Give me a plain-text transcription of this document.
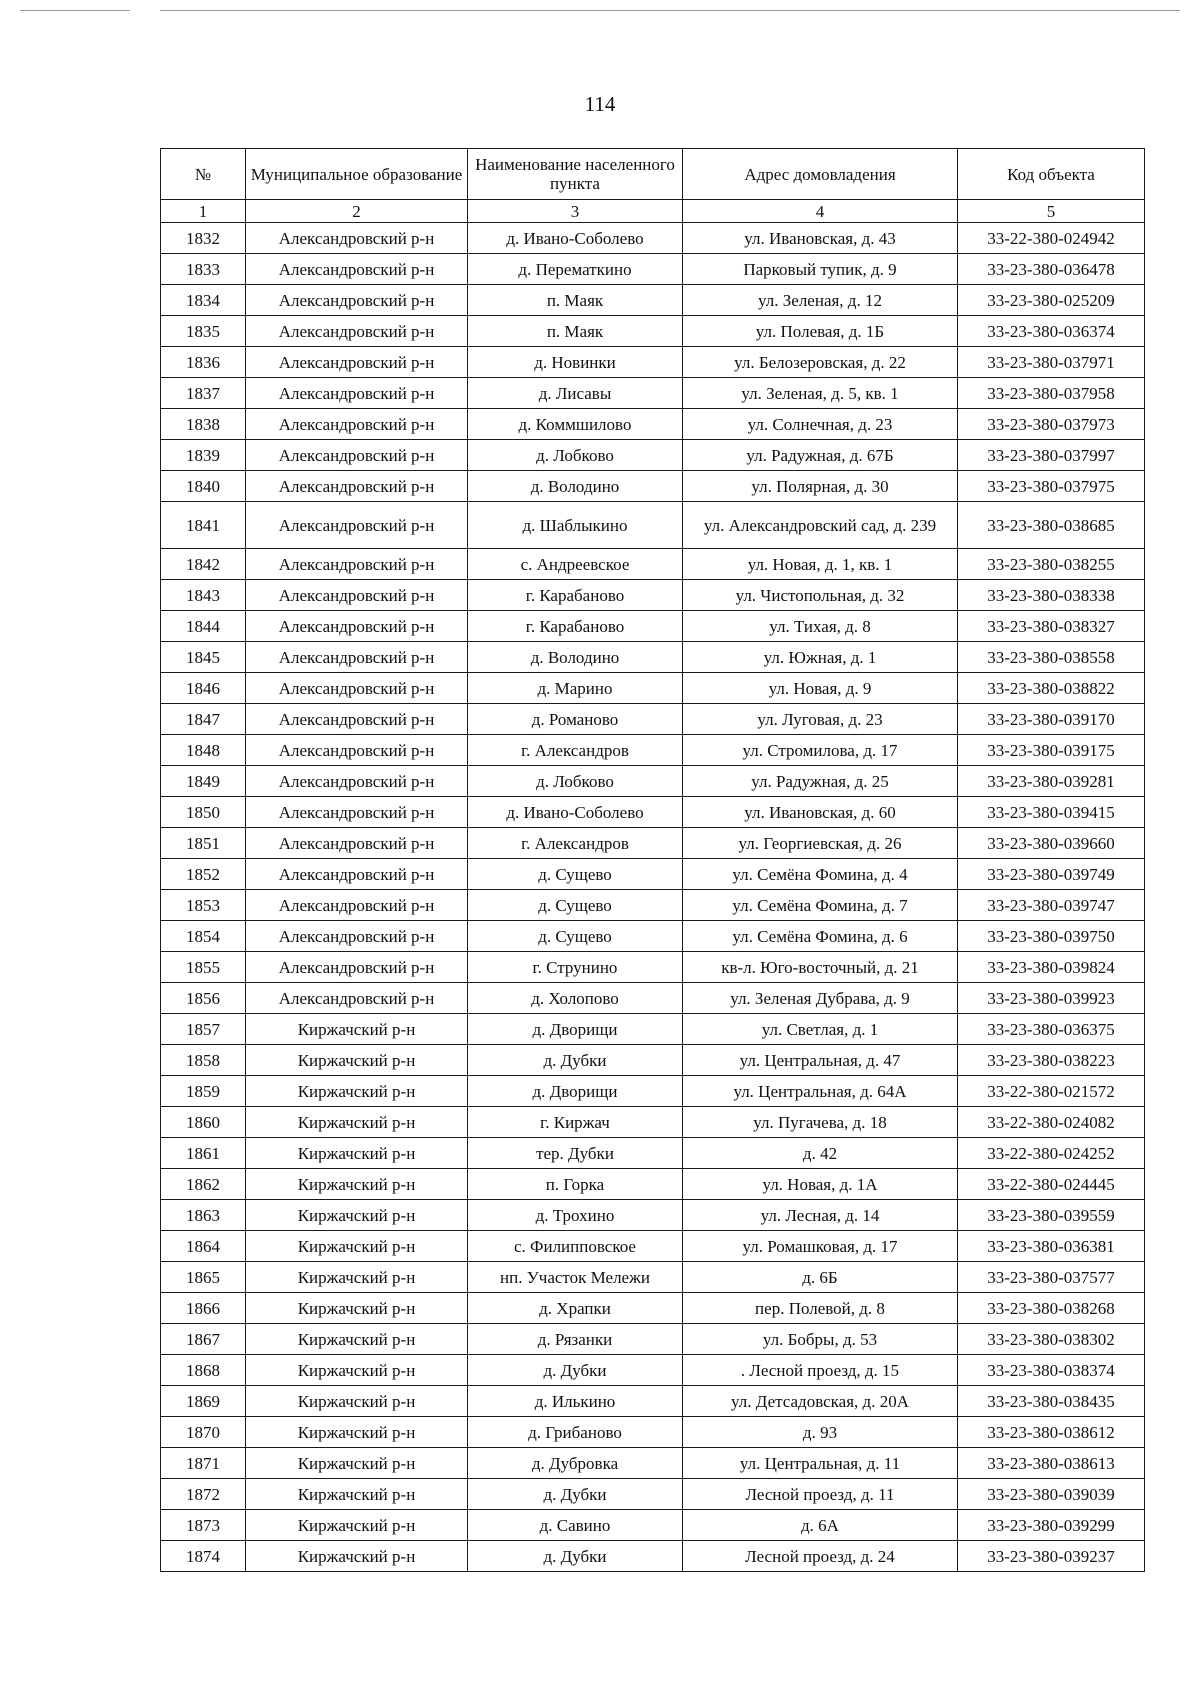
114
№	Муниципальное образование	Наименование населенного пункта	Адрес домовладения	Код объекта
1	2	3	4	5
1832	Александровский р-н	д. Ивано-Соболево	ул. Ивановская, д. 43	33-22-380-024942
1833	Александровский р-н	д. Перематкино	Парковый тупик, д. 9	33-23-380-036478
1834	Александровский р-н	п. Маяк	ул. Зеленая, д. 12	33-23-380-025209
1835	Александровский р-н	п. Маяк	ул. Полевая, д. 1Б	33-23-380-036374
1836	Александровский р-н	д. Новинки	ул. Белозеровская, д. 22	33-23-380-037971
1837	Александровский р-н	д. Лисавы	ул. Зеленая, д. 5, кв. 1	33-23-380-037958
1838	Александровский р-н	д. Коммшилово	ул. Солнечная, д. 23	33-23-380-037973
1839	Александровский р-н	д. Лобково	ул. Радужная, д. 67Б	33-23-380-037997
1840	Александровский р-н	д. Володино	ул. Полярная, д. 30	33-23-380-037975
1841	Александровский р-н	д. Шаблыкино	ул. Александровский сад, д. 239	33-23-380-038685
1842	Александровский р-н	с. Андреевское	ул. Новая, д. 1, кв. 1	33-23-380-038255
1843	Александровский р-н	г. Карабаново	ул. Чистопольная, д. 32	33-23-380-038338
1844	Александровский р-н	г. Карабаново	ул. Тихая, д. 8	33-23-380-038327
1845	Александровский р-н	д. Володино	ул. Южная, д. 1	33-23-380-038558
1846	Александровский р-н	д. Марино	ул. Новая, д. 9	33-23-380-038822
1847	Александровский р-н	д. Романово	ул. Луговая, д. 23	33-23-380-039170
1848	Александровский р-н	г. Александров	ул. Стромилова, д. 17	33-23-380-039175
1849	Александровский р-н	д. Лобково	ул. Радужная, д. 25	33-23-380-039281
1850	Александровский р-н	д. Ивано-Соболево	ул. Ивановская, д. 60	33-23-380-039415
1851	Александровский р-н	г. Александров	ул. Георгиевская, д. 26	33-23-380-039660
1852	Александровский р-н	д. Сущево	ул. Семёна Фомина, д. 4	33-23-380-039749
1853	Александровский р-н	д. Сущево	ул. Семёна Фомина, д. 7	33-23-380-039747
1854	Александровский р-н	д. Сущево	ул. Семёна Фомина, д. 6	33-23-380-039750
1855	Александровский р-н	г. Струнино	кв-л. Юго-восточный, д. 21	33-23-380-039824
1856	Александровский р-н	д. Холопово	ул. Зеленая Дубрава, д. 9	33-23-380-039923
1857	Киржачский р-н	д. Дворищи	ул. Светлая, д. 1	33-23-380-036375
1858	Киржачский р-н	д. Дубки	ул. Центральная, д. 47	33-23-380-038223
1859	Киржачский р-н	д. Дворищи	ул. Центральная, д. 64А	33-22-380-021572
1860	Киржачский р-н	г. Киржач	ул. Пугачева, д. 18	33-22-380-024082
1861	Киржачский р-н	тер. Дубки	д. 42	33-22-380-024252
1862	Киржачский р-н	п. Горка	ул. Новая, д. 1А	33-22-380-024445
1863	Киржачский р-н	д. Трохино	ул. Лесная, д. 14	33-23-380-039559
1864	Киржачский р-н	с. Филипповское	ул. Ромашковая, д. 17	33-23-380-036381
1865	Киржачский р-н	нп. Участок Мележи	д. 6Б	33-23-380-037577
1866	Киржачский р-н	д. Храпки	пер. Полевой, д. 8	33-23-380-038268
1867	Киржачский р-н	д. Рязанки	ул. Бобры, д. 53	33-23-380-038302
1868	Киржачский р-н	д. Дубки	. Лесной проезд, д. 15	33-23-380-038374
1869	Киржачский р-н	д. Илькино	ул. Детсадовская, д. 20А	33-23-380-038435
1870	Киржачский р-н	д. Грибаново	д. 93	33-23-380-038612
1871	Киржачский р-н	д. Дубровка	ул. Центральная, д. 11	33-23-380-038613
1872	Киржачский р-н	д. Дубки	Лесной проезд, д. 11	33-23-380-039039
1873	Киржачский р-н	д. Савино	д. 6А	33-23-380-039299
1874	Киржачский р-н	д. Дубки	Лесной проезд, д. 24	33-23-380-039237
